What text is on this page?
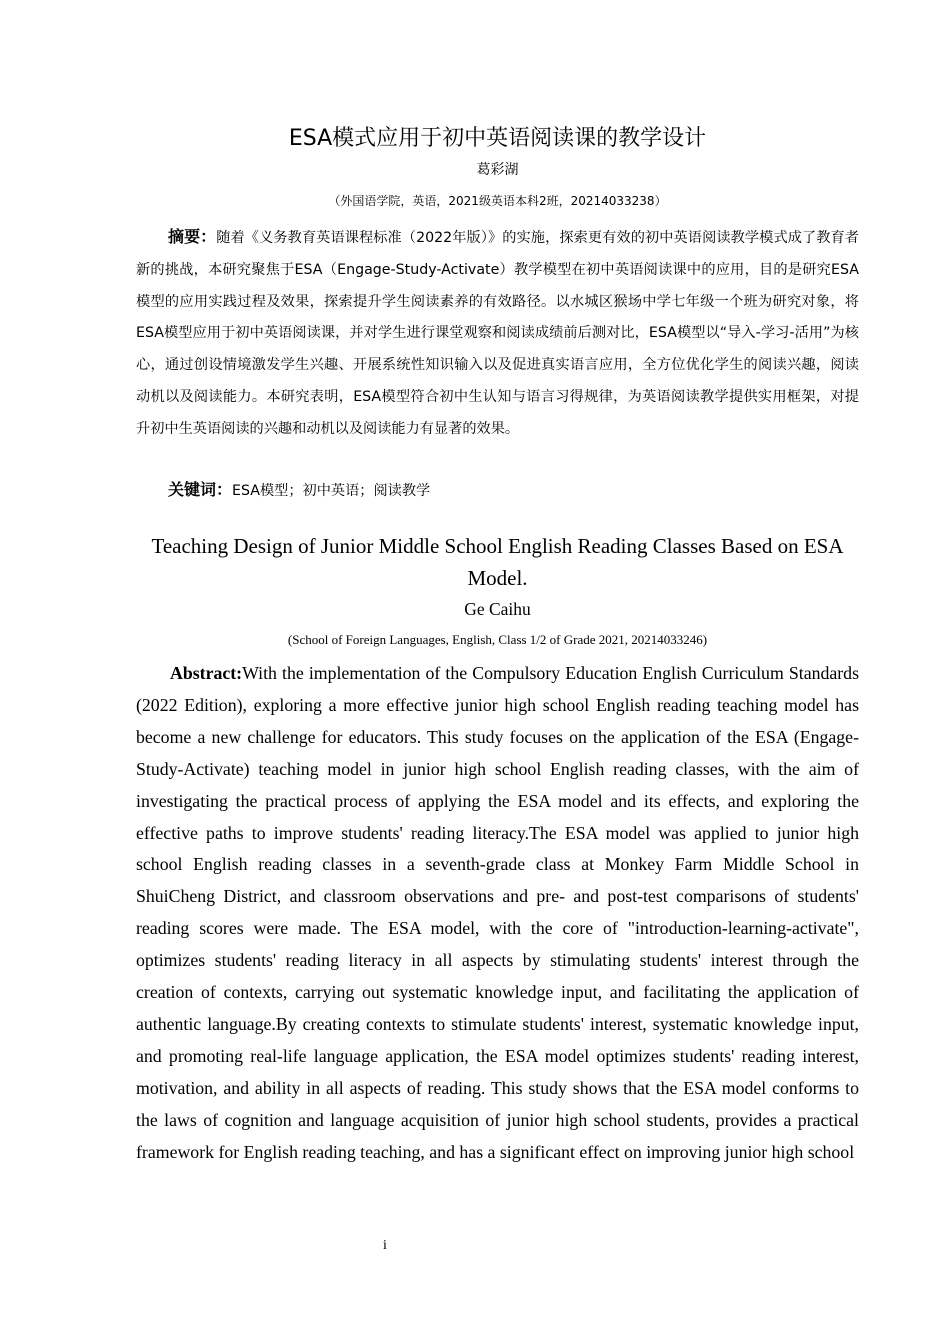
ESA模式应用于初中英语阅读课的教学设计
葛彩湖
（外国语学院，英语，2021级英语本科2班，20214033238）
摘要：随着《义务教育英语课程标准（2022年版）》的实施，探索更有效的初中英语阅读教学模式成了教育者新的挑战，本研究聚焦于ESA（Engage-Study-Activate）教学模型在初中英语阅读课中的应用，目的是研究ESA模型的应用实践过程及效果，探索提升学生阅读素养的有效路径。以水城区猴场中学七年级一个班为研究对象，将ESA模型应用于初中英语阅读课，并对学生进行课堂观察和阅读成绩前后测对比，ESA模型以“导入-学习-活用”为核心，通过创设情境激发学生兴趣、开展系统性知识输入以及促进真实语言应用，全方位优化学生的阅读兴趣，阅读动机以及阅读能力。本研究表明，ESA模型符合初中生认知与语言习得规律，为英语阅读教学提供实用框架，对提升初中生英语阅读的兴趣和动机以及阅读能力有显著的效果。
关键词：ESA模型；初中英语；阅读教学
Teaching Design of Junior Middle School English Reading Classes Based on ESA Model.
Ge Caihu
(School of Foreign Languages, English, Class 1/2 of Grade 2021, 20214033246)
Abstract:With the implementation of the Compulsory Education English Curriculum Standards (2022 Edition), exploring a more effective junior high school English reading teaching model has become a new challenge for educators. This study focuses on the application of the ESA (Engage-Study-Activate) teaching model in junior high school English reading classes, with the aim of investigating the practical process of applying the ESA model and its effects, and exploring the effective paths to improve students' reading literacy.The ESA model was applied to junior high school English reading classes in a seventh-grade class at Monkey Farm Middle School in ShuiCheng District, and classroom observations and pre- and post-test comparisons of students' reading scores were made. The ESA model, with the core of "introduction-learning-activate", optimizes students' reading literacy in all aspects by stimulating students' interest through the creation of contexts, carrying out systematic knowledge input, and facilitating the application of authentic language.By creating contexts to stimulate students' interest, systematic knowledge input, and promoting real-life language application, the ESA model optimizes students' reading interest, motivation, and ability in all aspects of reading. This study shows that the ESA model conforms to the laws of cognition and language acquisition of junior high school students, provides a practical framework for English reading teaching, and has a significant effect on improving junior high school
i
